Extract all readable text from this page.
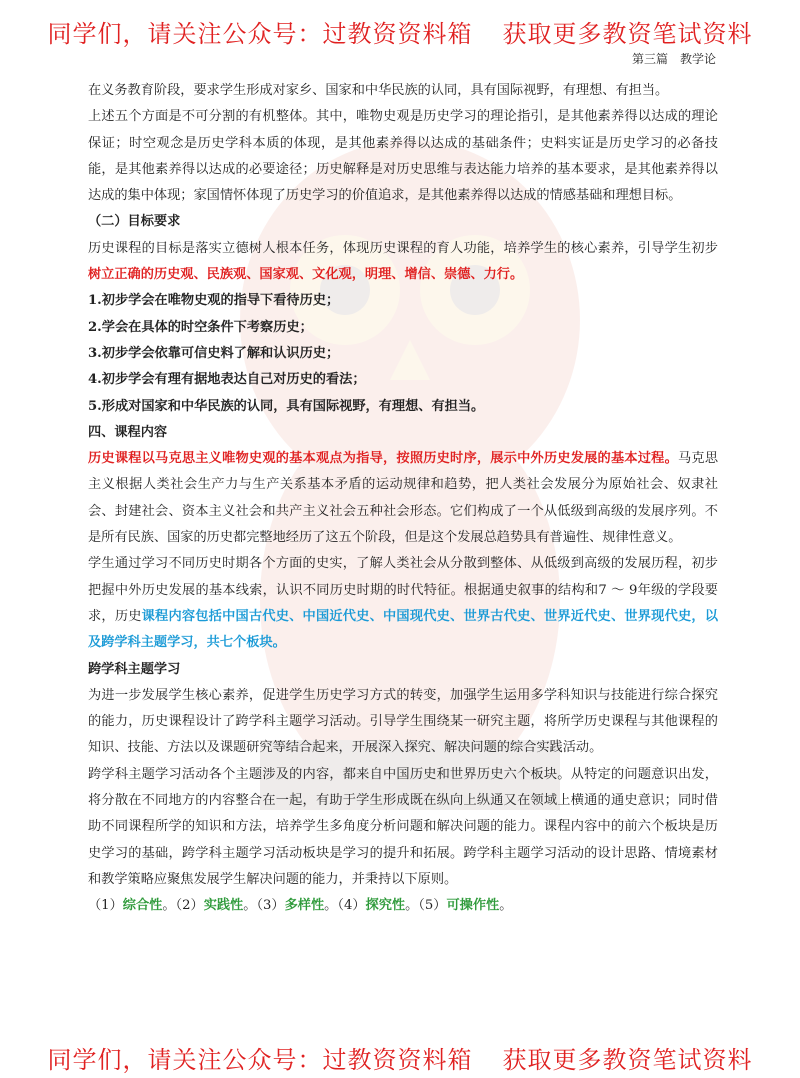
同学们，请关注公众号：过教资资料箱 获取更多教资笔试资料
第三篇　教学论

在义务教育阶段，要求学生形成对家乡、国家和中华民族的认同，具有国际视野，有理想、有担当。

上述五个方面是不可分割的有机整体。其中，唯物史观是历史学习的理论指引，是其他素养得以达成的理论保证；时空观念是历史学科本质的体现，是其他素养得以达成的基础条件；史料实证是历史学习的必备技能，是其他素养得以达成的必要途径；历史解释是对历史思维与表达能力培养的基本要求，是其他素养得以达成的集中体现；家国情怀体现了历史学习的价值追求，是其他素养得以达成的情感基础和理想目标。

（二）目标要求

历史课程的目标是落实立德树人根本任务，体现历史课程的育人功能，培养学生的核心素养，引导学生初步树立正确的历史观、民族观、国家观、文化观，明理、增信、崇德、力行。

1.初步学会在唯物史观的指导下看待历史；

2.学会在具体的时空条件下考察历史；

3.初步学会依靠可信史料了解和认识历史；

4.初步学会有理有据地表达自己对历史的看法；

5.形成对国家和中华民族的认同，具有国际视野，有理想、有担当。

四、课程内容

历史课程以马克思主义唯物史观的基本观点为指导，按照历史时序，展示中外历史发展的基本过程。马克思主义根据人类社会生产力与生产关系基本矛盾的运动规律和趋势，把人类社会发展分为原始社会、奴隶社会、封建社会、资本主义社会和共产主义社会五种社会形态。它们构成了一个从低级到高级的发展序列。不是所有民族、国家的历史都完整地经历了这五个阶段，但是这个发展总趋势具有普遍性、规律性意义。

学生通过学习不同历史时期各个方面的史实，了解人类社会从分散到整体、从低级到高级的发展历程，初步把握中外历史发展的基本线索，认识不同历史时期的时代特征。根据通史叙事的结构和7 ～ 9年级的学段要求，历史课程内容包括中国古代史、中国近代史、中国现代史、世界古代史、世界近代史、世界现代史，以及跨学科主题学习，共七个板块。

跨学科主题学习

为进一步发展学生核心素养，促进学生历史学习方式的转变，加强学生运用多学科知识与技能进行综合探究的能力，历史课程设计了跨学科主题学习活动。引导学生围绕某一研究主题，将所学历史课程与其他课程的知识、技能、方法以及课题研究等结合起来，开展深入探究、解决问题的综合实践活动。

跨学科主题学习活动各个主题涉及的内容，都来自中国历史和世界历史六个板块。从特定的问题意识出发，将分散在不同地方的内容整合在一起，有助于学生形成既在纵向上纵通又在领域上横通的通史意识；同时借助不同课程所学的知识和方法，培养学生多角度分析问题和解决问题的能力。课程内容中的前六个板块是历史学习的基础，跨学科主题学习活动板块是学习的提升和拓展。跨学科主题学习活动的设计思路、情境素材和教学策略应聚焦发展学生解决问题的能力，并秉持以下原则。

（1）综合性。（2）实践性。（3）多样性。（4）探究性。（5）可操作性。

同学们，请关注公众号：过教资资料箱 获取更多教资笔试资料
